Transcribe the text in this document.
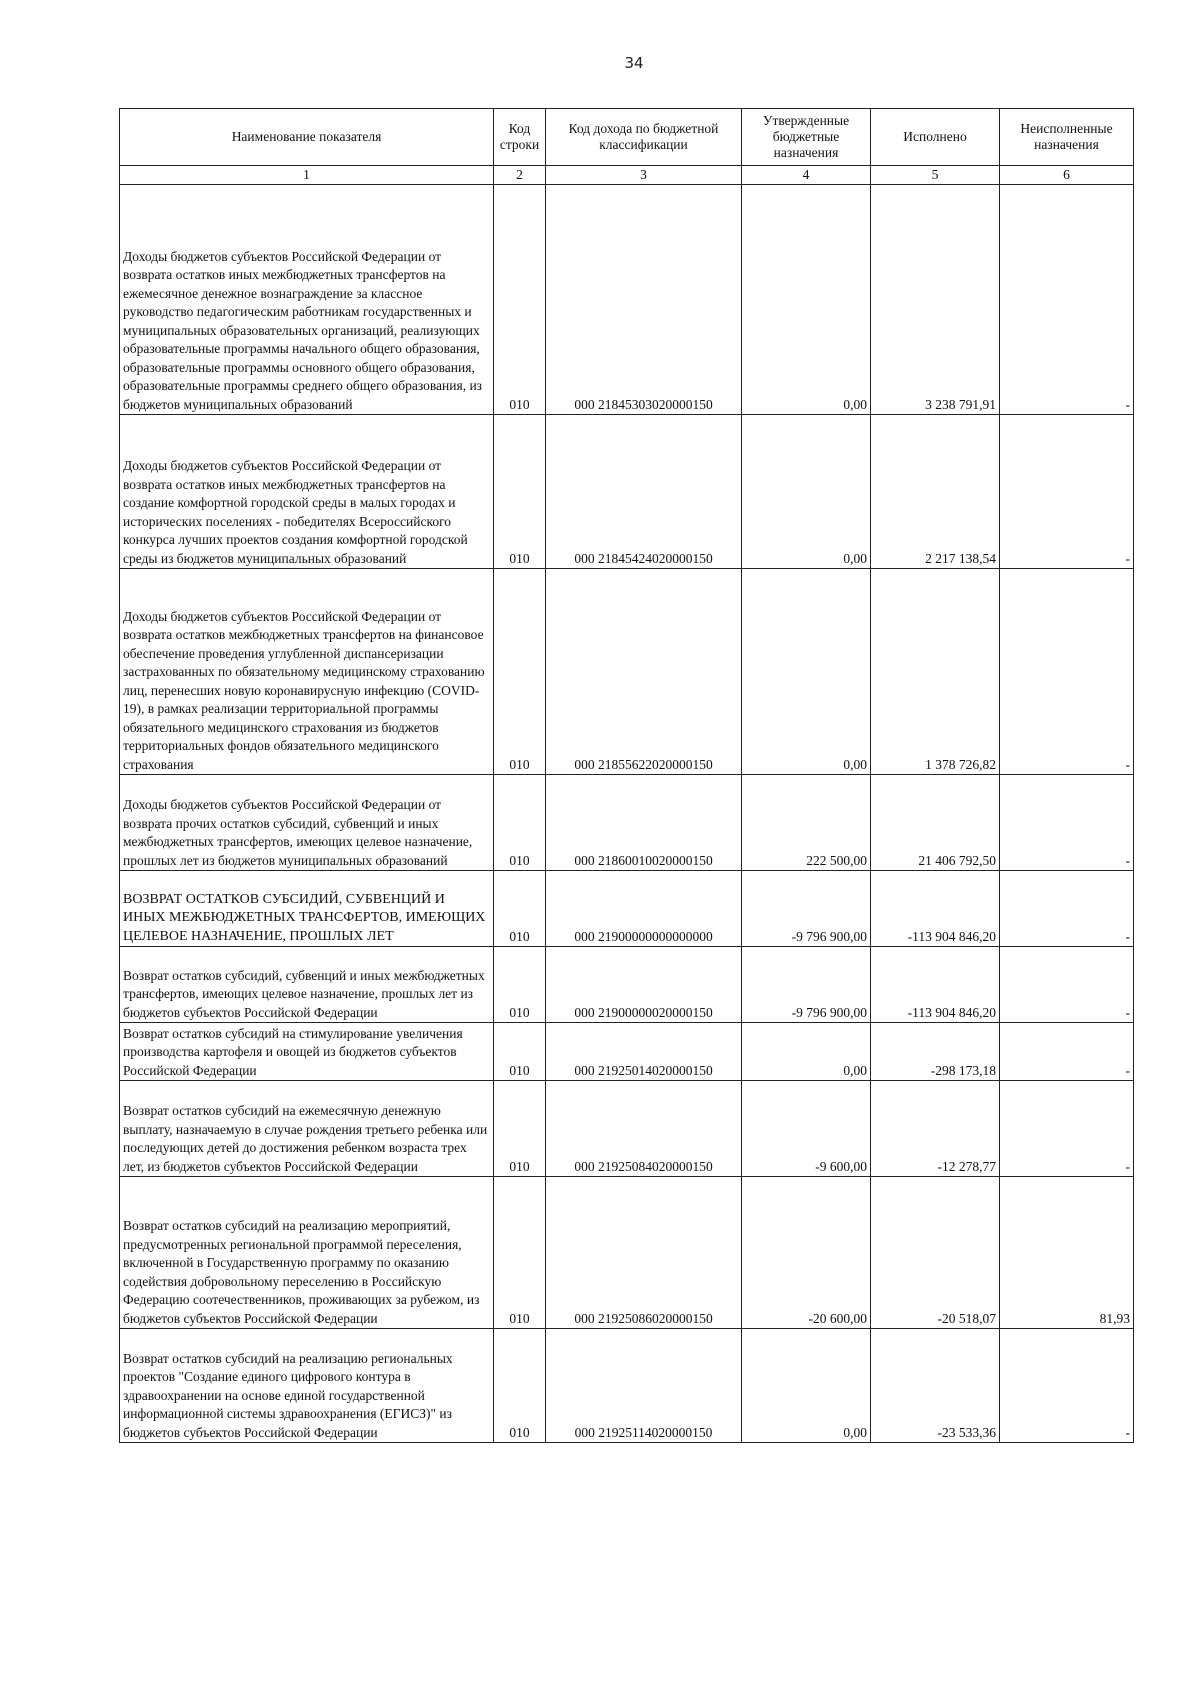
34
Наименование показателя	Код строки	Код дохода по бюджетной классификации	Утвержденные бюджетные назначения	Исполнено	Неисполненные назначения
1	2	3	4	5	6
Доходы бюджетов субъектов Российской Федерации от возврата остатков иных межбюджетных трансфертов на ежемесячное денежное вознаграждение за классное руководство педагогическим работникам государственных и муниципальных образовательных организаций, реализующих образовательные программы начального общего образования, образовательные программы основного общего образования, образовательные программы среднего общего образования, из бюджетов муниципальных образований	010	000 21845303020000150	0,00	3 238 791,91	-
Доходы бюджетов субъектов Российской Федерации от возврата остатков иных межбюджетных трансфертов на создание комфортной городской среды в малых городах и исторических поселениях - победителях Всероссийского конкурса лучших проектов создания комфортной городской среды из бюджетов муниципальных образований	010	000 21845424020000150	0,00	2 217 138,54	-
Доходы бюджетов субъектов Российской Федерации от возврата остатков межбюджетных трансфертов на финансовое обеспечение проведения углубленной диспансеризации застрахованных по обязательному медицинскому страхованию лиц, перенесших новую коронавирусную инфекцию (COVID-19), в рамках реализации территориальной программы обязательного медицинского страхования из бюджетов территориальных фондов обязательного медицинского страхования	010	000 21855622020000150	0,00	1 378 726,82	-
Доходы бюджетов субъектов Российской Федерации от возврата прочих остатков субсидий, субвенций и иных межбюджетных трансфертов, имеющих целевое назначение, прошлых лет из бюджетов муниципальных образований	010	000 21860010020000150	222 500,00	21 406 792,50	-
ВОЗВРАТ ОСТАТКОВ СУБСИДИЙ, СУБВЕНЦИЙ И ИНЫХ МЕЖБЮДЖЕТНЫХ ТРАНСФЕРТОВ, ИМЕЮЩИХ ЦЕЛЕВОЕ НАЗНАЧЕНИЕ, ПРОШЛЫХ ЛЕТ	010	000 21900000000000000	-9 796 900,00	-113 904 846,20	-
Возврат остатков субсидий, субвенций и иных межбюджетных трансфертов, имеющих целевое назначение, прошлых лет из бюджетов субъектов Российской Федерации	010	000 21900000020000150	-9 796 900,00	-113 904 846,20	-
Возврат остатков субсидий на стимулирование увеличения производства картофеля и овощей из бюджетов субъектов Российской Федерации	010	000 21925014020000150	0,00	-298 173,18	-
Возврат остатков субсидий на ежемесячную денежную выплату, назначаемую в случае рождения третьего ребенка или последующих детей до достижения ребенком возраста трех лет, из бюджетов субъектов Российской Федерации	010	000 21925084020000150	-9 600,00	-12 278,77	-
Возврат остатков субсидий на реализацию мероприятий, предусмотренных региональной программой переселения, включенной в Государственную программу по оказанию содействия добровольному переселению в Российскую Федерацию соотечественников, проживающих за рубежом, из бюджетов субъектов Российской Федерации	010	000 21925086020000150	-20 600,00	-20 518,07	81,93
Возврат остатков субсидий на реализацию региональных проектов "Создание единого цифрового контура в здравоохранении на основе единой государственной информационной системы здравоохранения (ЕГИСЗ)" из бюджетов субъектов Российской Федерации	010	000 21925114020000150	0,00	-23 533,36	-
